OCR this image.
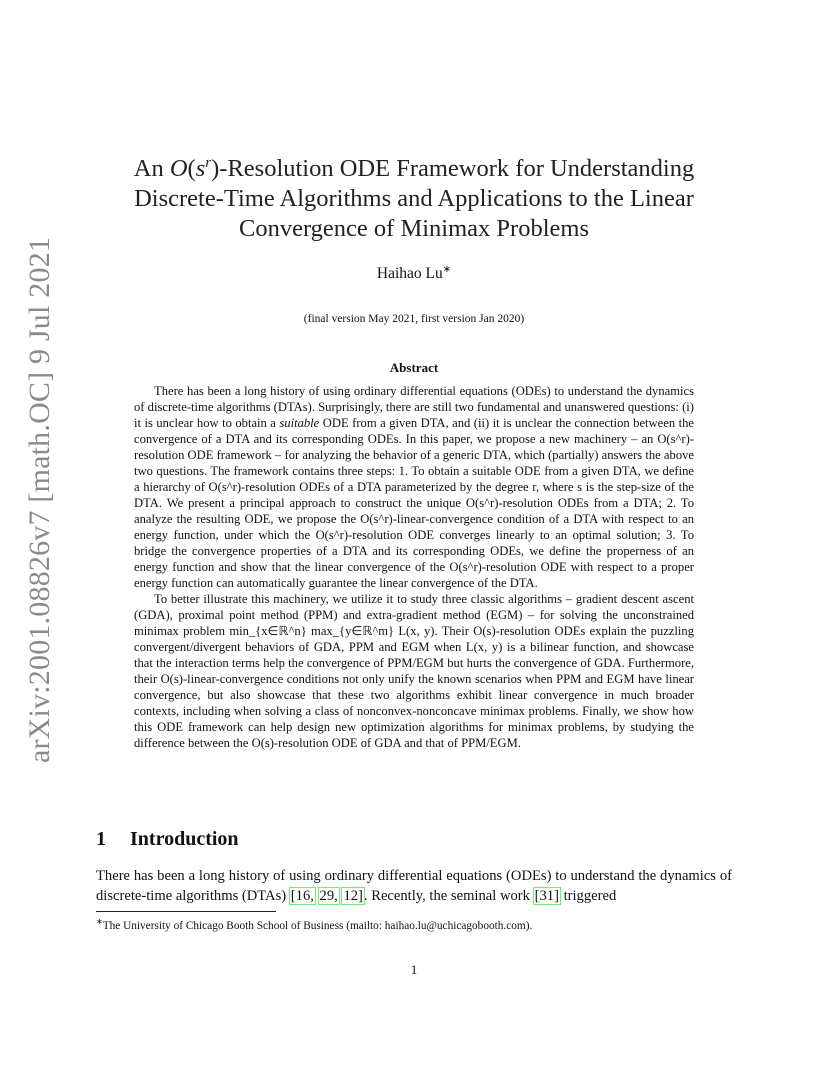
arXiv:2001.08826v7 [math.OC] 9 Jul 2021
An $O(s^r)$-Resolution ODE Framework for Understanding
Discrete-Time Algorithms and Applications to the Linear
Convergence of Minimax Problems
Haihao Lu∗
(final version May 2021, first version Jan 2020)
Abstract

There has been a long history of using ordinary differential equations (ODEs) to understand the dynamics of discrete-time algorithms (DTAs). Surprisingly, there are still two fundamental and unanswered questions: (i) it is unclear how to obtain a suitable ODE from a given DTA, and (ii) it is unclear the connection between the convergence of a DTA and its corresponding ODEs. In this paper, we propose a new machinery – an O(s^r)-resolution ODE framework – for analyzing the behavior of a generic DTA, which (partially) answers the above two questions. The framework contains three steps: 1. To obtain a suitable ODE from a given DTA, we define a hierarchy of O(s^r)-resolution ODEs of a DTA parameterized by the degree r, where s is the step-size of the DTA. We present a principal approach to construct the unique O(s^r)-resolution ODEs from a DTA; 2. To analyze the resulting ODE, we propose the O(s^r)-linear-convergence condition of a DTA with respect to an energy function, under which the O(s^r)-resolution ODE converges linearly to an optimal solution; 3. To bridge the convergence properties of a DTA and its corresponding ODEs, we define the properness of an energy function and show that the linear convergence of the O(s^r)-resolution ODE with respect to a proper energy function can automatically guarantee the linear convergence of the DTA.

To better illustrate this machinery, we utilize it to study three classic algorithms – gradient descent ascent (GDA), proximal point method (PPM) and extra-gradient method (EGM) – for solving the unconstrained minimax problem min_{x∈ℝ^n} max_{y∈ℝ^m} L(x, y). Their O(s)-resolution ODEs explain the puzzling convergent/divergent behaviors of GDA, PPM and EGM when L(x, y) is a bilinear function, and showcase that the interaction terms help the convergence of PPM/EGM but hurts the convergence of GDA. Furthermore, their O(s)-linear-convergence conditions not only unify the known scenarios when PPM and EGM have linear convergence, but also showcase that these two algorithms exhibit linear convergence in much broader contexts, including when solving a class of nonconvex-nonconcave minimax problems. Finally, we show how this ODE framework can help design new optimization algorithms for minimax problems, by studying the difference between the O(s)-resolution ODE of GDA and that of PPM/EGM.

1 Introduction

There has been a long history of using ordinary differential equations (ODEs) to understand the dynamics of discrete-time algorithms (DTAs) [16, 29, 12]. Recently, the seminal work [31] triggered

∗The University of Chicago Booth School of Business (mailto: haihao.lu@uchicagobooth.com).
1
